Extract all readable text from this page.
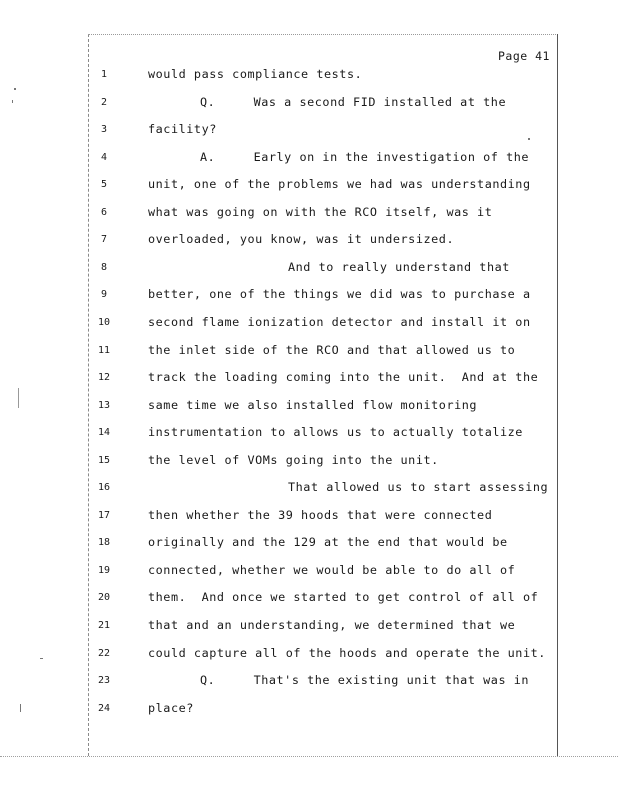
Page 41
1	would pass compliance tests.
2	Q.     Was a second FID installed at the
3	facility?
4	A.     Early on in the investigation of the
5	unit, one of the problems we had was understanding
6	what was going on with the RCO itself, was it
7	overloaded, you know, was it undersized.
8	And to really understand that
9	better, one of the things we did was to purchase a
10	second flame ionization detector and install it on
11	the inlet side of the RCO and that allowed us to
12	track the loading coming into the unit.  And at the
13	same time we also installed flow monitoring
14	instrumentation to allows us to actually totalize
15	the level of VOMs going into the unit.
16	That allowed us to start assessing
17	then whether the 39 hoods that were connected
18	originally and the 129 at the end that would be
19	connected, whether we would be able to do all of
20	them.  And once we started to get control of all of
21	that and an understanding, we determined that we
22	could capture all of the hoods and operate the unit.
23	Q.     That's the existing unit that was in
24	place?
